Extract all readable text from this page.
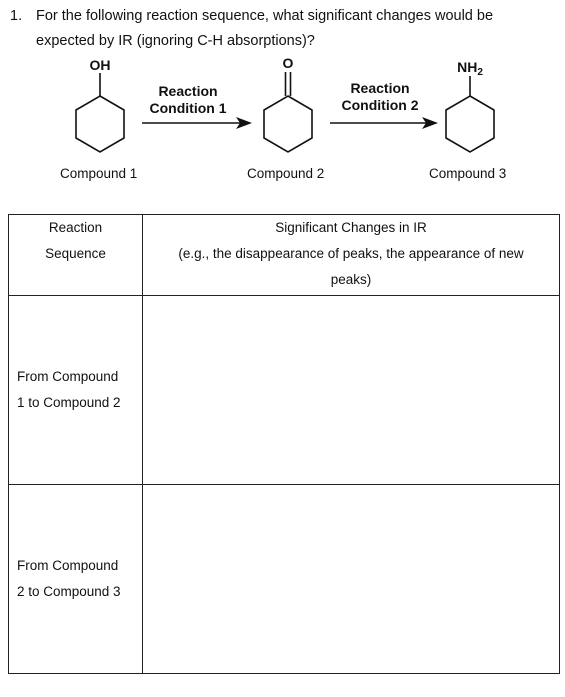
1. For the following reaction sequence, what significant changes would be
expected by IR (ignoring C-H absorptions)?
OH	O	$NH_2$
Reaction
Condition 1
Reaction
Condition 2
Compound 1	Compound 2	Compound 3
Reaction
Sequence	Significant Changes in IR
(e.g., the disappearance of peaks, the appearance of new
peaks)

From Compound
1 to Compound 2	

From Compound
2 to Compound 3	
